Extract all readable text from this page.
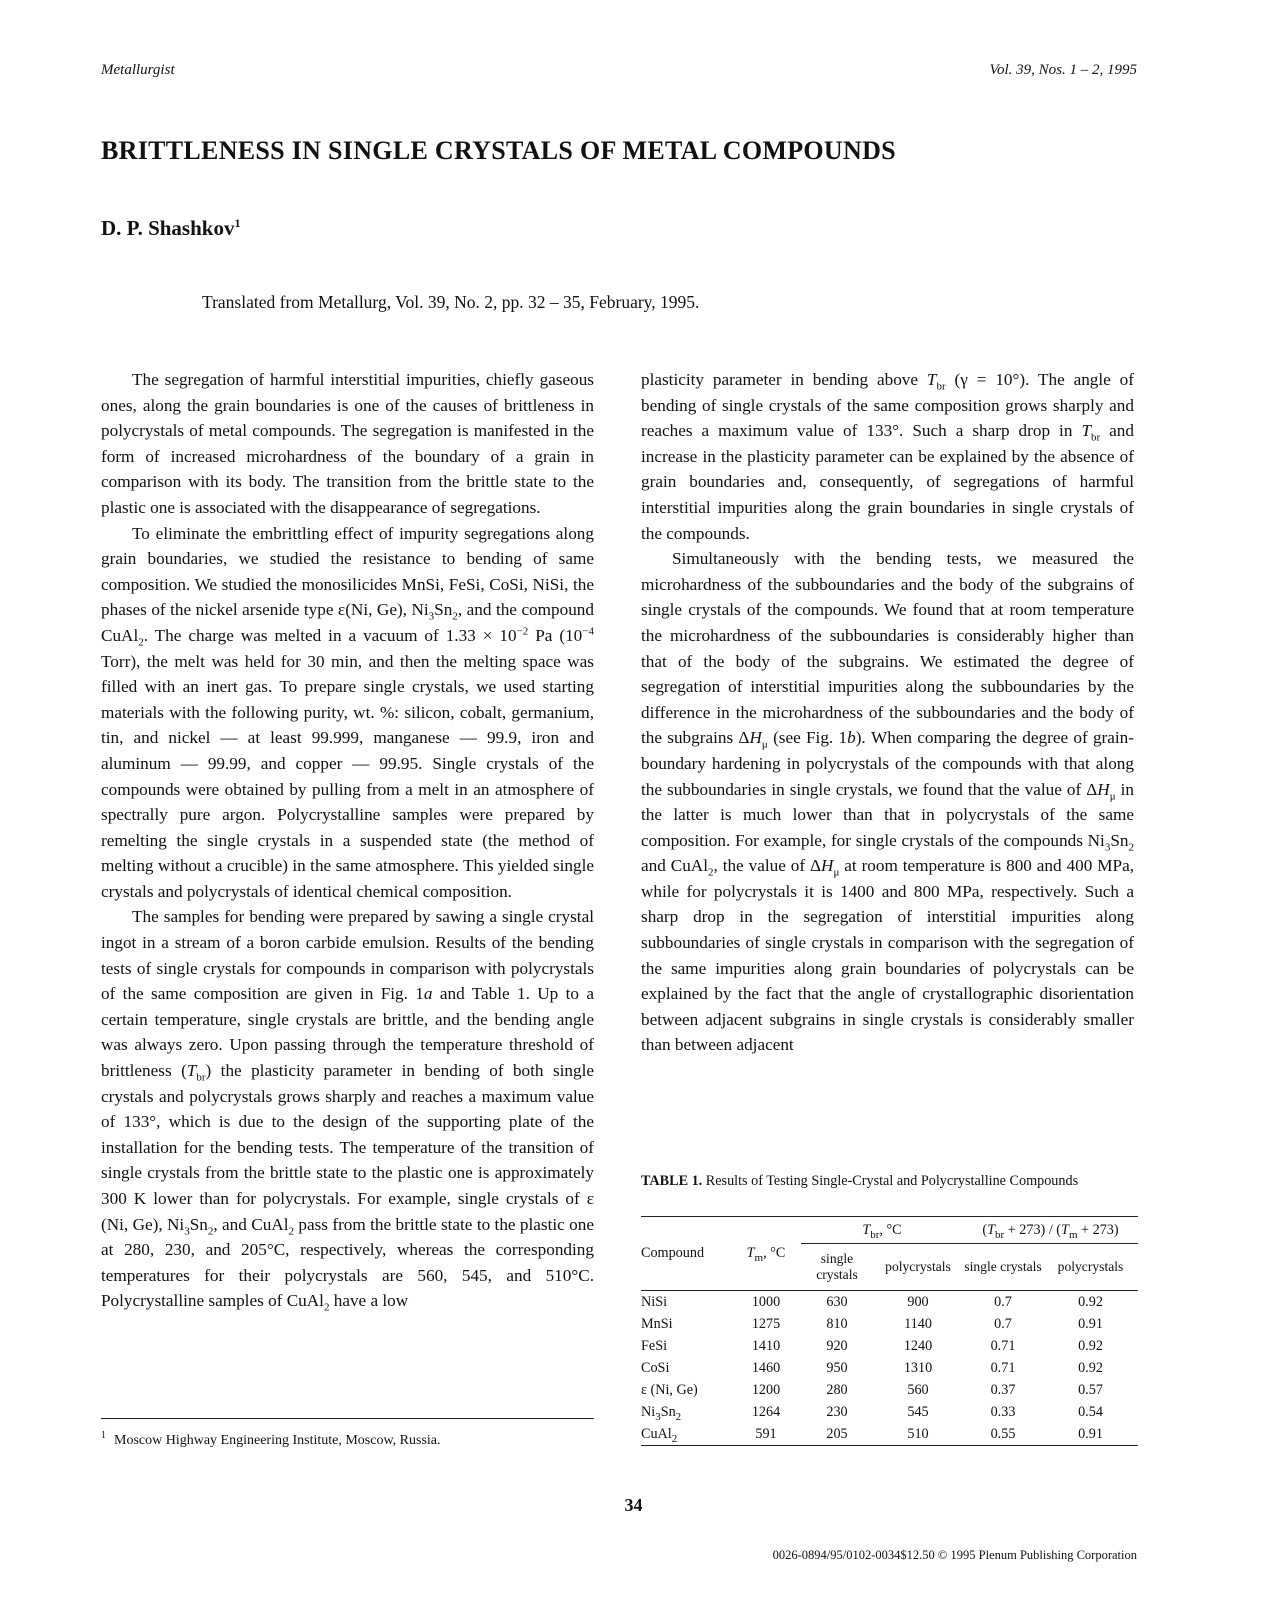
Metallurgist	Vol. 39, Nos. 1 – 2, 1995
BRITTLENESS IN SINGLE CRYSTALS OF METAL COMPOUNDS
D. P. Shashkov$^1$
Translated from Metallurg, Vol. 39, No. 2, pp. 32 – 35, February, 1995.

The segregation of harmful interstitial impurities, chiefly gaseous ones, along the grain boundaries is one of the causes of brittleness in polycrystals of metal compounds. The segregation is manifested in the form of increased microhardness of the boundary of a grain in comparison with its body. The transition from the brittle state to the plastic one is associated with the disappearance of segregations.

To eliminate the embrittling effect of impurity segregations along grain boundaries, we studied the resistance to bending of same composition. We studied the monosilicides MnSi, FeSi, CoSi, NiSi, the phases of the nickel arsenide type ε(Ni, Ge), $Ni_3Sn_2$, and the compound CuAl$_2$. The charge was melted in a vacuum of $1.33 \times 10^{-2}$ Pa ($10^{-4}$ Torr), the melt was held for 30 min, and then the melting space was filled with an inert gas. To prepare single crystals, we used starting materials with the following purity, wt. %: silicon, cobalt, germanium, tin, and nickel — at least 99.999, manganese — 99.9, iron and aluminum — 99.99, and copper — 99.95. Single crystals of the compounds were obtained by pulling from a melt in an atmosphere of spectrally pure argon. Polycrystalline samples were prepared by remelting the single crystals in a suspended state (the method of melting without a crucible) in the same atmosphere. This yielded single crystals and polycrystals of identical chemical composition.

The samples for bending were prepared by sawing a single crystal ingot in a stream of a boron carbide emulsion. Results of the bending tests of single crystals for compounds in comparison with polycrystals of the same composition are given in Fig. 1a and Table 1. Up to a certain temperature, single crystals are brittle, and the bending angle was always zero. Upon passing through the temperature threshold of brittleness $(T_{br})$ the plasticity parameter in bending of both single crystals and polycrystals grows sharply and reaches a maximum value of 133°, which is due to the design of the supporting plate of the installation for the bending tests. The temperature of the transition of single crystals from the brittle state to the plastic one is approximately 300 K lower than for polycrystals. For example, single crystals of ε (Ni, Ge), $Ni_3Sn_2$, and CuAl$_2$ pass from the brittle state to the plastic one at 280, 230, and 205°C, respectively, whereas the corresponding temperatures for their polycrystals are 560, 545, and 510°C. Polycrystalline samples of CuAl$_2$ have a low

plasticity parameter in bending above $T_{br}$ (γ = 10°). The angle of bending of single crystals of the same composition grows sharply and reaches a maximum value of 133°. Such a sharp drop in $T_{br}$ and increase in the plasticity parameter can be explained by the absence of grain boundaries and, consequently, of segregations of harmful interstitial impurities along the grain boundaries in single crystals of the compounds.

Simultaneously with the bending tests, we measured the microhardness of the subboundaries and the body of the subgrains of single crystals of the compounds. We found that at room temperature the microhardness of the subboundaries is considerably higher than that of the body of the subgrains. We estimated the degree of segregation of interstitial impurities along the subboundaries by the difference in the microhardness of the subboundaries and the body of the subgrains $\Delta H_\mu$ (see Fig. 1b). When comparing the degree of grain-boundary hardening in polycrystals of the compounds with that along the subboundaries in single crystals, we found that the value of $\Delta H_\mu$ in the latter is much lower than that in polycrystals of the same composition. For example, for single crystals of the compounds $Ni_3Sn_2$ and CuAl$_2$, the value of $\Delta H_\mu$ at room temperature is 800 and 400 MPa, while for polycrystals it is 1400 and 800 MPa, respectively. Such a sharp drop in the segregation of interstitial impurities along subboundaries of single crystals in comparison with the segregation of the same impurities along grain boundaries of polycrystals can be explained by the fact that the angle of crystallographic disorientation between adjacent subgrains in single crystals is considerably smaller than between adjacent

TABLE 1. Results of Testing Single-Crystal and Polycrystalline Compounds
Compound	$T_m$, °C	$T_{br}$, °C		$(T_{br} + 273) / (T_m + 273)$	
		single crystals	polycrystals	single crystals	polycrystals
NiSi	1000	630	900	0.7	0.92
MnSi	1275	810	1140	0.7	0.91
FeSi	1410	920	1240	0.71	0.92
CoSi	1460	950	1310	0.71	0.92
ε (Ni, Ge)	1200	280	560	0.37	0.57
$Ni_3Sn_2$	1264	230	545	0.33	0.54
CuAl$_2$	591	205	510	0.55	0.91
$^1$ Moscow Highway Engineering Institute, Moscow, Russia.
34
0026-0894/95/0102-0034$12.50 © 1995 Plenum Publishing Corporation
